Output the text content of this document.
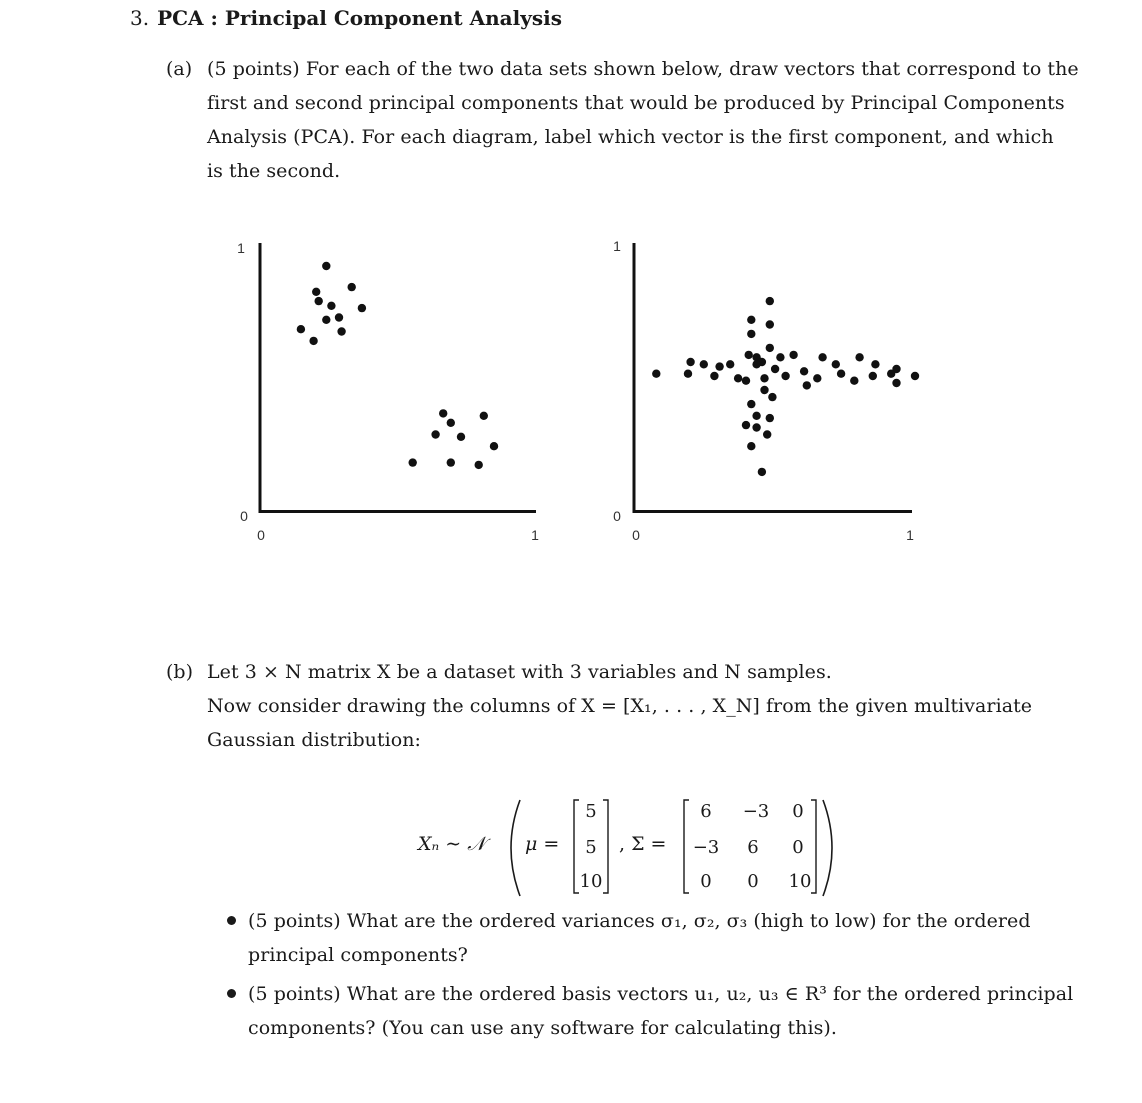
3. PCA : Principal Component Analysis
(a) (5 points) For each of the two data sets shown below, draw vectors that correspond to the
first and second principal components that would be produced by Principal Components
Analysis (PCA). For each diagram, label which vector is the first component, and which
is the second.
1
0
0	1
1
0
0	1
(b) Let 3 × N matrix X be a dataset with 3 variables and N samples.
Now consider drawing the columns of X = [X₁, . . . , X_N] from the given multivariate
Gaussian distribution:
Xₙ ∼ 𝒩 μ =
5
5
10
, Σ =
6	−3	0
−3	6	0
0	0	10
(5 points) What are the ordered variances σ₁, σ₂, σ₃ (high to low) for the ordered
principal components?
(5 points) What are the ordered basis vectors u₁, u₂, u₃ ∈ R³ for the ordered principal
components? (You can use any software for calculating this).
